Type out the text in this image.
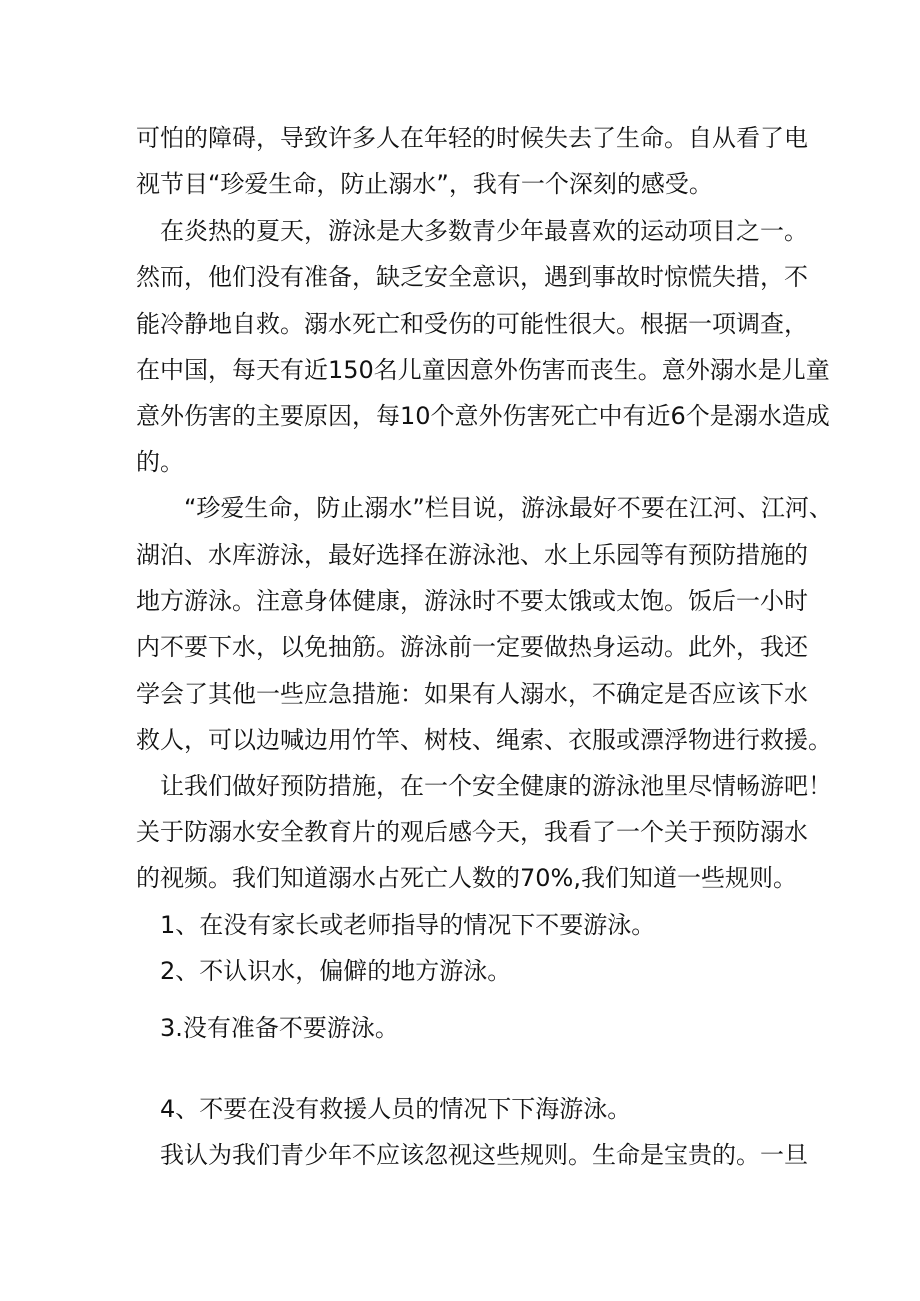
可怕的障碍，导致许多人在年轻的时候失去了生命。自从看了电
视节目“珍爱生命，防止溺水”，我有一个深刻的感受。
在炎热的夏天，游泳是大多数青少年最喜欢的运动项目之一。
然而，他们没有准备，缺乏安全意识，遇到事故时惊慌失措，不
能冷静地自救。溺水死亡和受伤的可能性很大。根据一项调查，
在中国，每天有近150名儿童因意外伤害而丧生。意外溺水是儿童
意外伤害的主要原因，每10个意外伤害死亡中有近6个是溺水造成
的。
“珍爱生命，防止溺水”栏目说，游泳最好不要在江河、江河、
湖泊、水库游泳，最好选择在游泳池、水上乐园等有预防措施的
地方游泳。注意身体健康，游泳时不要太饿或太饱。饭后一小时
内不要下水，以免抽筋。游泳前一定要做热身运动。此外，我还
学会了其他一些应急措施：如果有人溺水，不确定是否应该下水
救人，可以边喊边用竹竿、树枝、绳索、衣服或漂浮物进行救援。
让我们做好预防措施，在一个安全健康的游泳池里尽情畅游吧！
关于防溺水安全教育片的观后感今天，我看了一个关于预防溺水
的视频。我们知道溺水占死亡人数的70%,我们知道一些规则。
1、在没有家长或老师指导的情况下不要游泳。
2、不认识水，偏僻的地方游泳。
3.没有准备不要游泳。
4、不要在没有救援人员的情况下下海游泳。
我认为我们青少年不应该忽视这些规则。生命是宝贵的。一旦
